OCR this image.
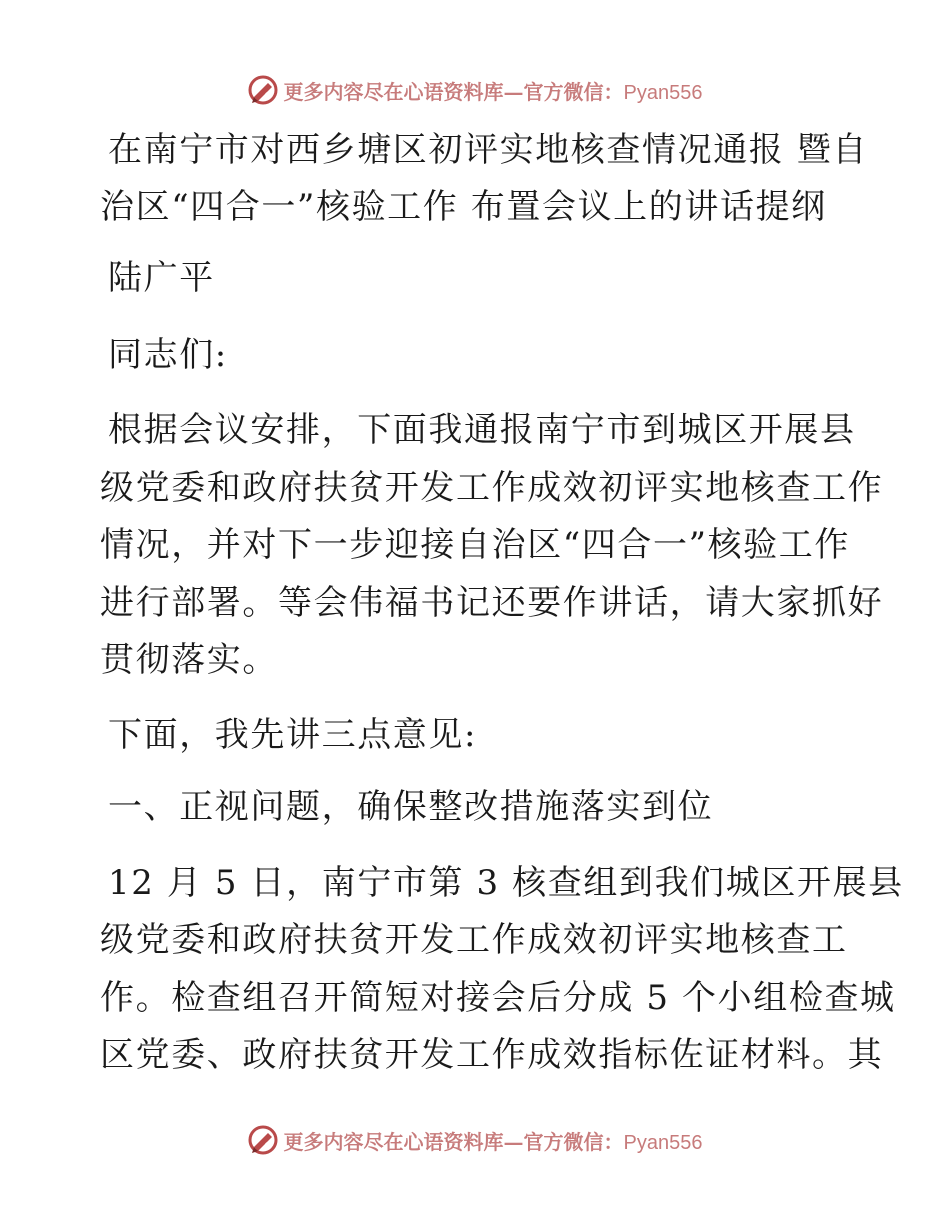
更多内容尽在心语资料库—官方微信：Pyan556
在南宁市对西乡塘区初评实地核查情况通报 暨自
治区“四合一”核验工作 布置会议上的讲话提纲
陆广平
同志们:
根据会议安排，下面我通报南宁市到城区开展县
级党委和政府扶贫开发工作成效初评实地核查工作
情况，并对下一步迎接自治区“四合一”核验工作
进行部署。等会伟福书记还要作讲话，请大家抓好
贯彻落实。
下面，我先讲三点意见:
一、正视问题，确保整改措施落实到位
12 月 5 日，南宁市第 3 核查组到我们城区开展县
级党委和政府扶贫开发工作成效初评实地核查工
作。检查组召开简短对接会后分成 5 个小组检查城
区党委、政府扶贫开发工作成效指标佐证材料。其
更多内容尽在心语资料库—官方微信：Pyan556
